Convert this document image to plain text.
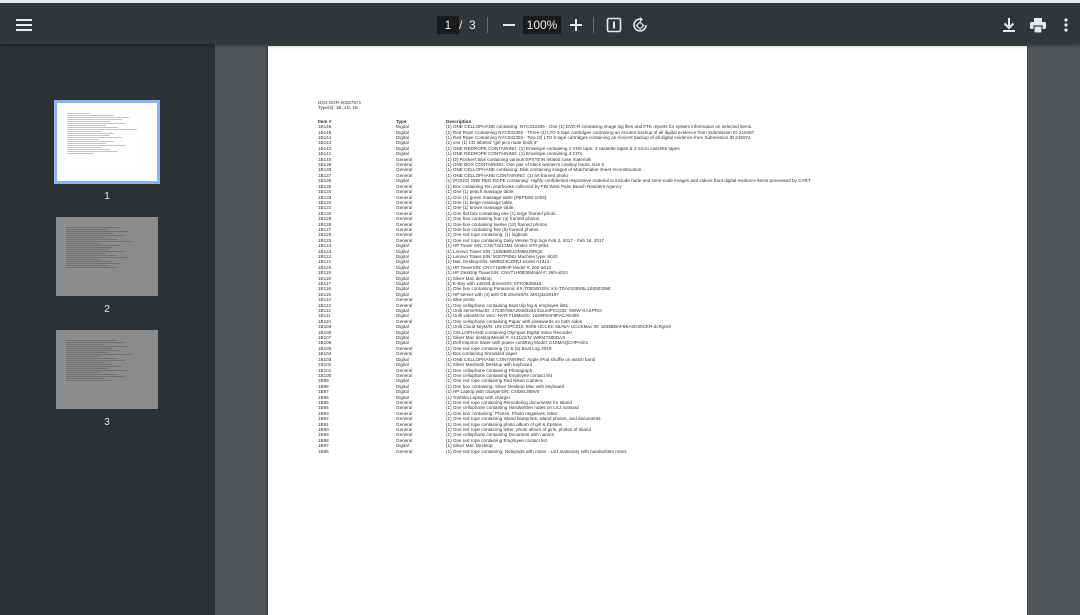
1 / 3	100%
1
2
3
DOJ-OGR-00027571
Type(s): 1B, 1D, 1E
Item #	Type	Description
1B146	Digital	(1) ONE CELLOPHANE containing: NYC032395 - One (1) DVD-R containing image log files and FTK reports for system information on selected items.
1B145	Digital	(1) Red Rope Containing NYC032392 - Three (3) LTO 6 tape cartridges containing an Ancient backup of all digital evidence from Submission ID 215487
1B144	Digital	(1) Red Rope Containing NYC032392 - Two (2) LTO 6 tape cartridges containing an Ancient backup of all digital evidence from Submission ID 215974
1B143	Digital	(1) one (1) CD labeled "girl pics nude book 4"
1B142	Digital	(1) ONE REDROPE CONTAINING: (1) Envelope containing 1 VHS tape, 3 cassette tapes & 3 micro cassette tapes
1B141	Digital	(1) ONE REDROPE CONTAINING: (1) Envelope containing 4 CD's
1B140	General	(1) (2) Rockers Box containing various EPSTEIN related case materials
1B139	General	(1) ONE BOX CONTAINING: One pair of black women's cowboy boots, size 8
1B138	General	(1) ONE CELLOPHANE containing: Disk containing images of Matchmaker sheet reconstruction
1B137	General	(1) ONE CELLOPHANE CONTAINING: (1) art framed photo
1B136	Digital	(1) (POUD) ONE RED ROPE containing: Highly confidential responsive material to include nude and semi-nude images and videos from digital evidence items processed by CART
1B135	General	(1) Box containing Ten yearbooks collected by FBI West Palm Beach Resident Agency
1B134	General	(1) One (1) peach massage table.
1B133	General	(1) One (1) green massage table (PBPD00-1004).
1B132	General	(1) One (1) beige massage table.
1B131	General	(1) One (1) brown massage table.
1B130	General	(1) One flat box containing one (1) large framed photo.
1B129	General	(1) One box containing four (4) framed photos.
1B128	General	(1) One box containing twelve (12) framed photos.
1B127	General	(1) One box containing five (5) framed photos.
1B126	General	(1) One red rope containing: (1) logbook
1B125	General	(1) One red rope containing Daily Vessel Trip logs Feb 2, 2017 - Feb 16, 2017
1B124	Digital	(1) HP Tower S/N: CNV74213M1 Model: 570-p054
1B123	Digital	(1) Lenovo Tower S/N: 1S90B0E2SM6MJ8RQK
1B122	Digital	(1) Lenovo Tower S/N: MJ07P5NU Machine type: 90J0
1B121	Digital	(1) Mac DesktopS/N: W89524CZ5RJ model A1312
1B120	Digital	(1) HP TowerS/N: CNV71689HP Model #: 260-a010
1B119	Digital	(1) HP Desktop TowerS/N: CNV71H0000Model #: 260-a010
1B118	Digital	(1) Silver Mac desktop
1B117	Digital	(1) E-Bay with 146GB drivesS/N: KFK0B25618
1B116	Digital	(1) One box containing Panasonic KX-TDE500S/N: KX-TDA0109XBL1S0003398
1B115	Digital	(1) HP server with (4) 500-GB drivesS/N: MXQ3229197
1B114	General	(1) Blue prints
1B113	General	(1) One cellophane containing Boat trip log & employee lists
1B112	Digital	(1) Unifi serverMacID: 17236788A20483234 ibou/dPCCOD: SWW-GASPRO
1B111	Digital	(1) Unifi videoMcN: vnct -NVR-718MacID: 1829F8AF8FACAE490
1B110	General	(1) One cellophane containing Paper with passwords on both sides
1B109	Digital	(1) Unifi Cloud keyM/N: UN-CKPC010: 9005-UCCKC 65A5A-UCCKMac ID: 1845BBAF8EA0D30CKR-dcRgm9
1B108	Digital	(1) CELLOPHANE containing Olympus Digital Voice Recorder
1B107	Digital	(1) Silver Mac desktopModel #: A1311S/N: W8047380DAS
1B106	Digital	(1) Dell Inspiron tower with power cordReg Model: D19MAQCHPA001
1B105	General	(1) One red rope containing (1) & (5) Boat Log 2019
1B104	General	(1) Box containing Shredded paper
1B103	Digital	(1) ONE CELLOPHANE CONTAINING: Apple iPod shuffle on watch band
1B102	Digital	(1) Silver Macbook Desktop with keyboard
1B101	General	(1) One cellophane containing Photograph
1B100	General	(1) One cellophane containing Employee contact list
1B99	Digital	(1) One red rope containing Red Nikon Camera
1B98	Digital	(1) One box containing: Silver Desktop Mac with keyboard
1B97	Digital	(1) HP Laptop with chargerS/N: CND81388V5
1B96	Digital	(1) Toshiba Laptop with charger
1B95	General	(1) One red rope containing Remodeling documents for Island
1B94	General	(1) One cellophane containing Handwritten notes on LSJ notepad
1B93	General	(1) One box containing: Photos, Photo negatives, letter
1B92	General	(1) One red rope containing Island blueprints, island photos, and documents
1B91	General	(1) One red rope containing photo album of girl & Epstein
1B90	General	(1) One red rope containing letter, photo album of girls, photos of Island
1B89	General	(1) One cellophane containing Document with names
1B88	General	(1) One red rope containing Employee contact list
1B87	Digital	(1) Silver Mac Desktop
1B86	General	(1) One red rope containing: Notepads with notes - LSJ stationary with handwritten notes
